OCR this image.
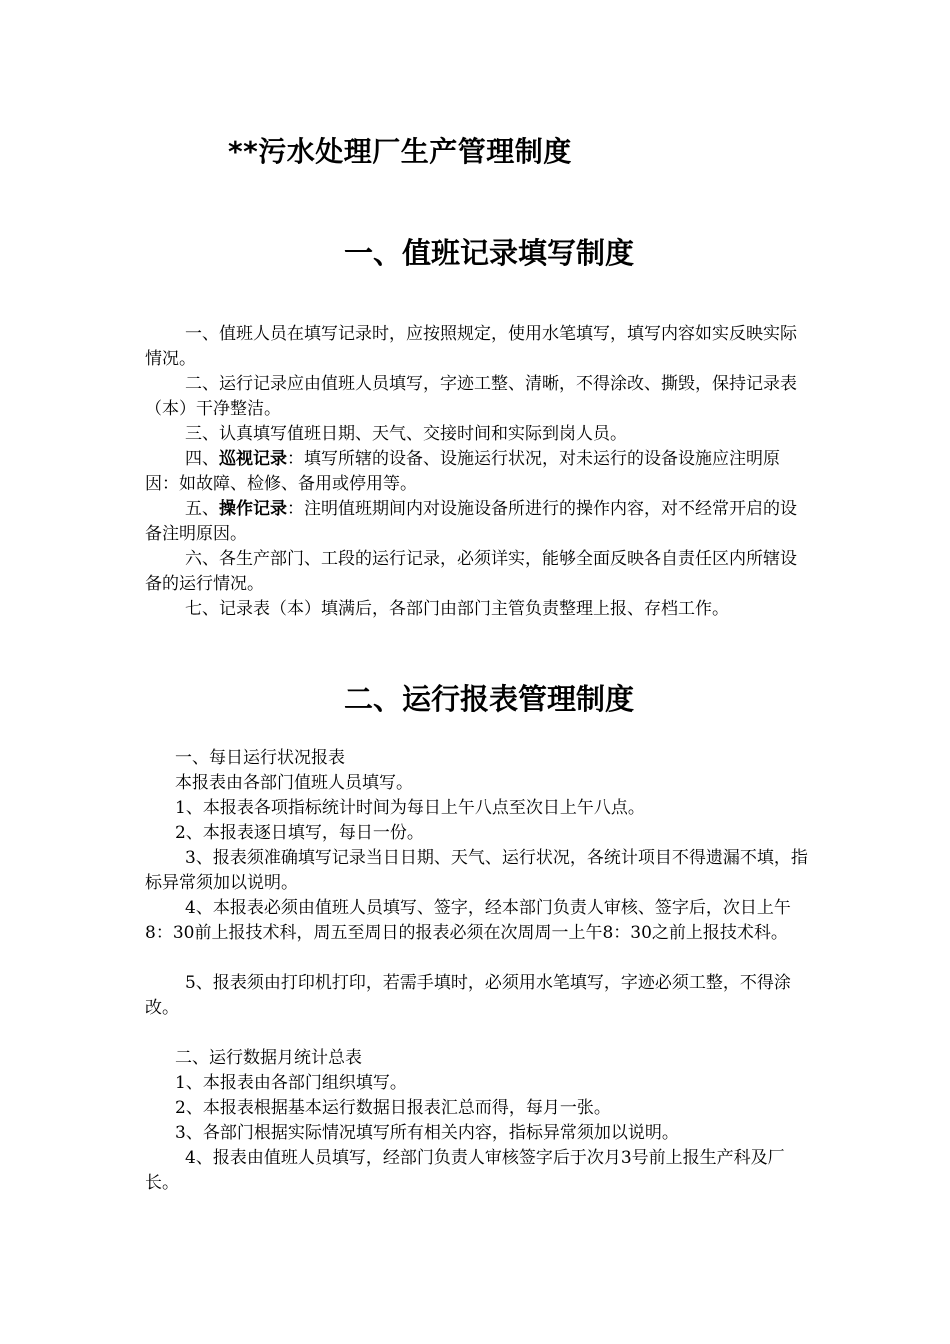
**污水处理厂生产管理制度
一、值班记录填写制度
一、值班人员在填写记录时，应按照规定，使用水笔填写，填写内容如实反映实际情况。
二、运行记录应由值班人员填写，字迹工整、清晰，不得涂改、撕毁，保持记录表（本）干净整洁。
三、认真填写值班日期、天气、交接时间和实际到岗人员。
四、巡视记录：填写所辖的设备、设施运行状况，对未运行的设备设施应注明原因：如故障、检修、备用或停用等。
五、操作记录：注明值班期间内对设施设备所进行的操作内容，对不经常开启的设备注明原因。
六、各生产部门、工段的运行记录，必须详实，能够全面反映各自责任区内所辖设备的运行情况。
七、记录表（本）填满后，各部门由部门主管负责整理上报、存档工作。
二、运行报表管理制度
一、每日运行状况报表
本报表由各部门值班人员填写。
1、本报表各项指标统计时间为每日上午八点至次日上午八点。
2、本报表逐日填写，每日一份。
3、报表须准确填写记录当日日期、天气、运行状况，各统计项目不得遗漏不填，指标异常须加以说明。
4、本报表必须由值班人员填写、签字，经本部门负责人审核、签字后，次日上午8：30前上报技术科，周五至周日的报表必须在次周周一上午8：30之前上报技术科。
5、报表须由打印机打印，若需手填时，必须用水笔填写，字迹必须工整，不得涂改。
二、运行数据月统计总表
1、本报表由各部门组织填写。
2、本报表根据基本运行数据日报表汇总而得，每月一张。
3、各部门根据实际情况填写所有相关内容，指标异常须加以说明。
4、报表由值班人员填写，经部门负责人审核签字后于次月3号前上报生产科及厂长。
